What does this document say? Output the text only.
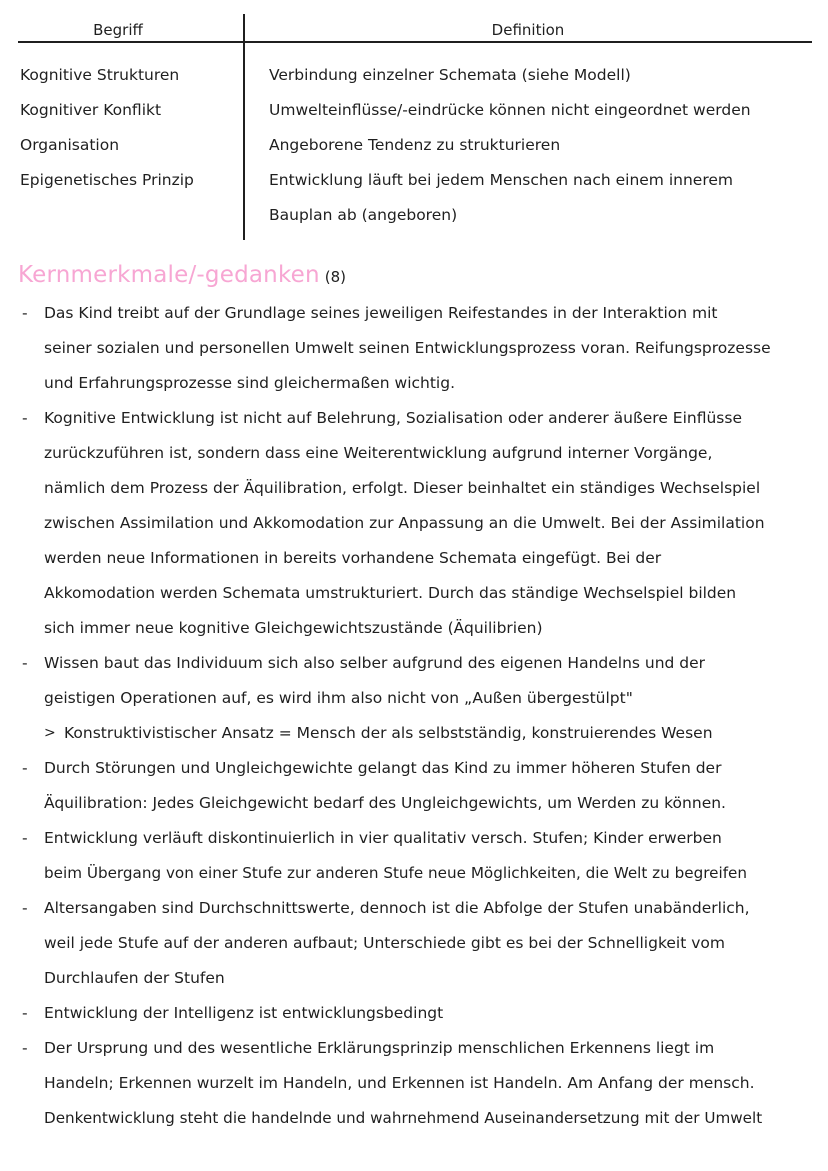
Begriff	Definition
Kognitive Strukturen	Verbindung einzelner Schemata (siehe Modell)
Kognitiver Konflikt	Umwelteinflüsse/-eindrücke können nicht eingeordnet werden
Organisation	Angeborene Tendenz zu strukturieren
Epigenetisches Prinzip	Entwicklung läuft bei jedem Menschen nach einem innerem
Bauplan ab (angeboren)
Kernmerkmale/-gedanken (8)
- Das Kind treibt auf der Grundlage seines jeweiligen Reifestandes in der Interaktion mit
seiner sozialen und personellen Umwelt seinen Entwicklungsprozess voran. Reifungsprozesse
und Erfahrungsprozesse sind gleichermaßen wichtig.
- Kognitive Entwicklung ist nicht auf Belehrung, Sozialisation oder anderer äußere Einflüsse
zurückzuführen ist, sondern dass eine Weiterentwicklung aufgrund interner Vorgänge,
nämlich dem Prozess der Äquilibration, erfolgt. Dieser beinhaltet ein ständiges Wechselspiel
zwischen Assimilation und Akkomodation zur Anpassung an die Umwelt. Bei der Assimilation
werden neue Informationen in bereits vorhandene Schemata eingefügt. Bei der
Akkomodation werden Schemata umstrukturiert. Durch das ständige Wechselspiel bilden
sich immer neue kognitive Gleichgewichtszustände (Äquilibrien)
- Wissen baut das Individuum sich also selber aufgrund des eigenen Handelns und der
geistigen Operationen auf, es wird ihm also nicht von „Außen übergestülpt"
> Konstruktivistischer Ansatz = Mensch der als selbstständig, konstruierendes Wesen
- Durch Störungen und Ungleichgewichte gelangt das Kind zu immer höheren Stufen der
Äquilibration: Jedes Gleichgewicht bedarf des Ungleichgewichts, um Werden zu können.
- Entwicklung verläuft diskontinuierlich in vier qualitativ versch. Stufen; Kinder erwerben
beim Übergang von einer Stufe zur anderen Stufe neue Möglichkeiten, die Welt zu begreifen
- Altersangaben sind Durchschnittswerte, dennoch ist die Abfolge der Stufen unabänderlich,
weil jede Stufe auf der anderen aufbaut; Unterschiede gibt es bei der Schnelligkeit vom
Durchlaufen der Stufen
- Entwicklung der Intelligenz ist entwicklungsbedingt
- Der Ursprung und des wesentliche Erklärungsprinzip menschlichen Erkennens liegt im
Handeln; Erkennen wurzelt im Handeln, und Erkennen ist Handeln. Am Anfang der mensch.
Denkentwicklung steht die handelnde und wahrnehmend Auseinandersetzung mit der Umwelt
